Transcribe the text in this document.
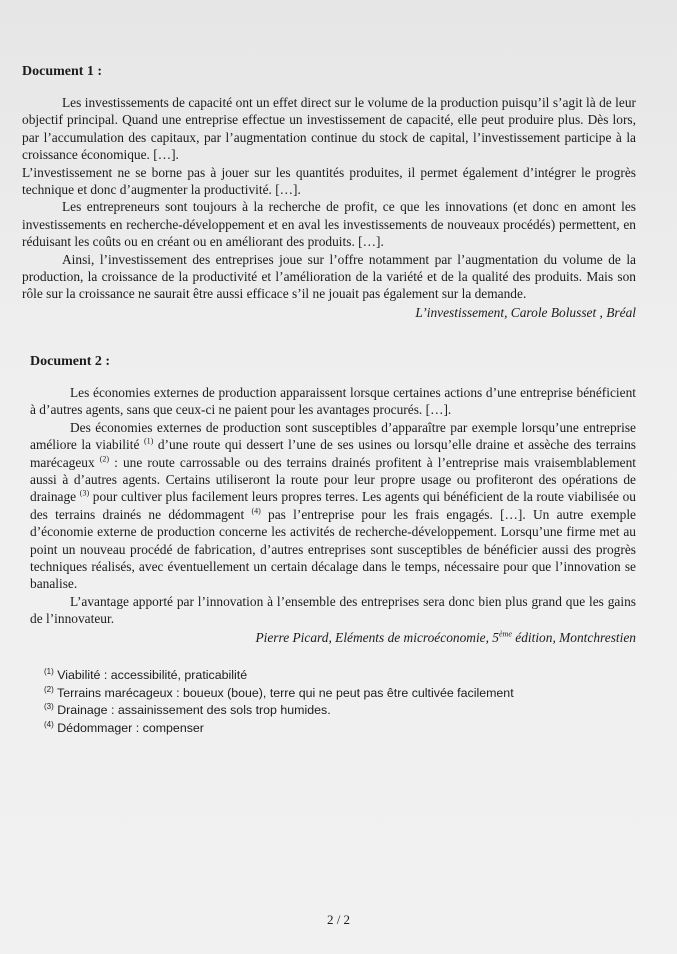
Document 1 :

Les investissements de capacité ont un effet direct sur le volume de la production puisqu’il s’agit là de leur objectif principal. Quand une entreprise effectue un investissement de capacité, elle peut produire plus. Dès lors, par l’accumulation des capitaux, par l’augmentation continue du stock de capital, l’investissement participe à la croissance économique. […].

L’investissement ne se borne pas à jouer sur les quantités produites, il permet également d’intégrer le progrès technique et donc d’augmenter la productivité. […].

Les entrepreneurs sont toujours à la recherche de profit, ce que les innovations (et donc en amont les investissements en recherche-développement et en aval les investissements de nouveaux procédés) permettent, en réduisant les coûts ou en créant ou en améliorant des produits. […].

Ainsi, l’investissement des entreprises joue sur l’offre notamment par l’augmentation du volume de la production, la croissance de la productivité et l’amélioration de la variété et de la qualité des produits. Mais son rôle sur la croissance ne saurait être aussi efficace s’il ne jouait pas également sur la demande.

L’investissement, Carole Bolusset , Bréal

Document 2 :

Les économies externes de production apparaissent lorsque certaines actions d’une entreprise bénéficient à d’autres agents, sans que ceux-ci ne paient pour les avantages procurés. […].

Des économies externes de production sont susceptibles d’apparaître par exemple lorsqu’une entreprise améliore la viabilité $^{(1)}$ d’une route qui dessert l’une de ses usines ou lorsqu’elle draine et assèche des terrains marécageux $^{(2)}$ : une route carrossable ou des terrains drainés profitent à l’entreprise mais vraisemblablement aussi à d’autres agents. Certains utiliseront la route pour leur propre usage ou profiteront des opérations de drainage $^{(3)}$ pour cultiver plus facilement leurs propres terres. Les agents qui bénéficient de la route viabilisée ou des terrains drainés ne dédommagent $^{(4)}$ pas l’entreprise pour les frais engagés. […]. Un autre exemple d’économie externe de production concerne les activités de recherche-développement. Lorsqu’une firme met au point un nouveau procédé de fabrication, d’autres entreprises sont susceptibles de bénéficier aussi des progrès techniques réalisés, avec éventuellement un certain décalage dans le temps, nécessaire pour que l’innovation se banalise.

L’avantage apporté par l’innovation à l’ensemble des entreprises sera donc bien plus grand que les gains de l’innovateur.

Pierre Picard, Eléments de microéconomie, 5ème édition, Montchrestien

$^{(1)}$ Viabilité : accessibilité, praticabilité

$^{(2)}$ Terrains marécageux : boueux (boue), terre qui ne peut pas être cultivée facilement

$^{(3)}$ Drainage : assainissement des sols trop humides.

$^{(4)}$ Dédommager : compenser

2 / 2
